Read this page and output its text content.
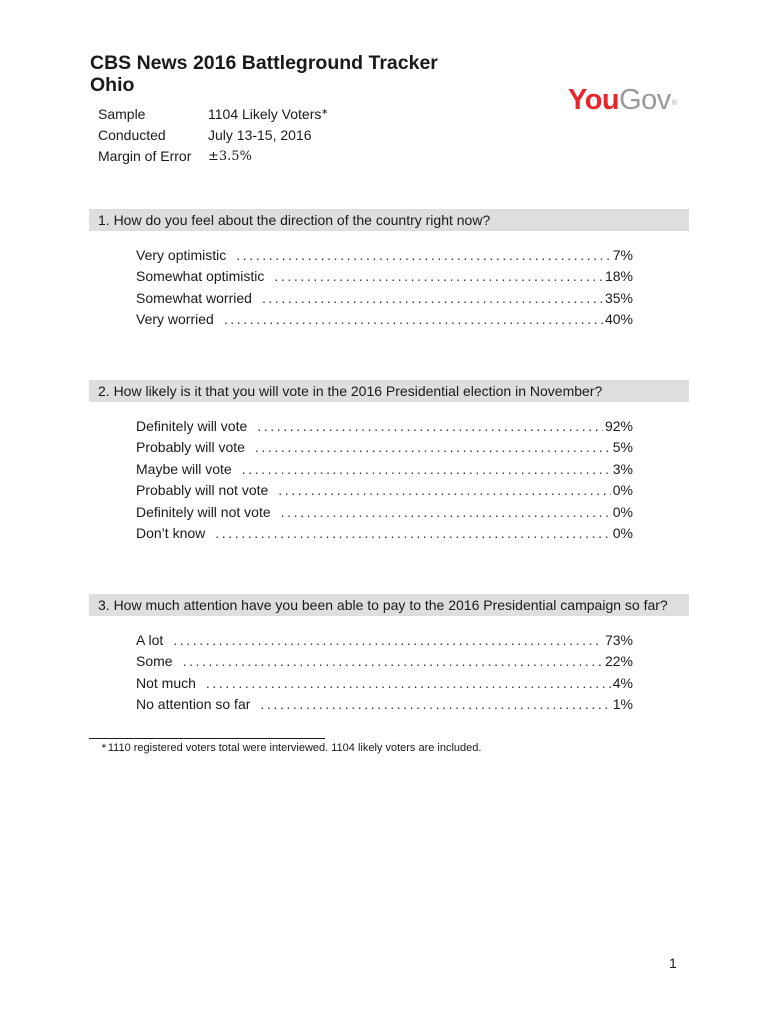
CBS News 2016 Battleground Tracker
Ohio	YouGov®
Sample	1104 Likely Voters∗
Conducted	July 13-15, 2016
Margin of Error	±3.5%
1. How do you feel about the direction of the country right now?
Very optimistic .....	7%
Somewhat optimistic .....	18%
Somewhat worried .....	35%
Very worried .....	40%
2. How likely is it that you will vote in the 2016 Presidential election in November?
Definitely will vote .....	92%
Probably will vote .....	5%
Maybe will vote .....	3%
Probably will not vote .....	0%
Definitely will not vote .....	0%
Don’t know .....	0%
3. How much attention have you been able to pay to the 2016 Presidential campaign so far?
A lot .....	73%
Some .....	22%
Not much .....	4%
No attention so far .....	1%
∗1110 registered voters total were interviewed. 1104 likely voters are included.
1
